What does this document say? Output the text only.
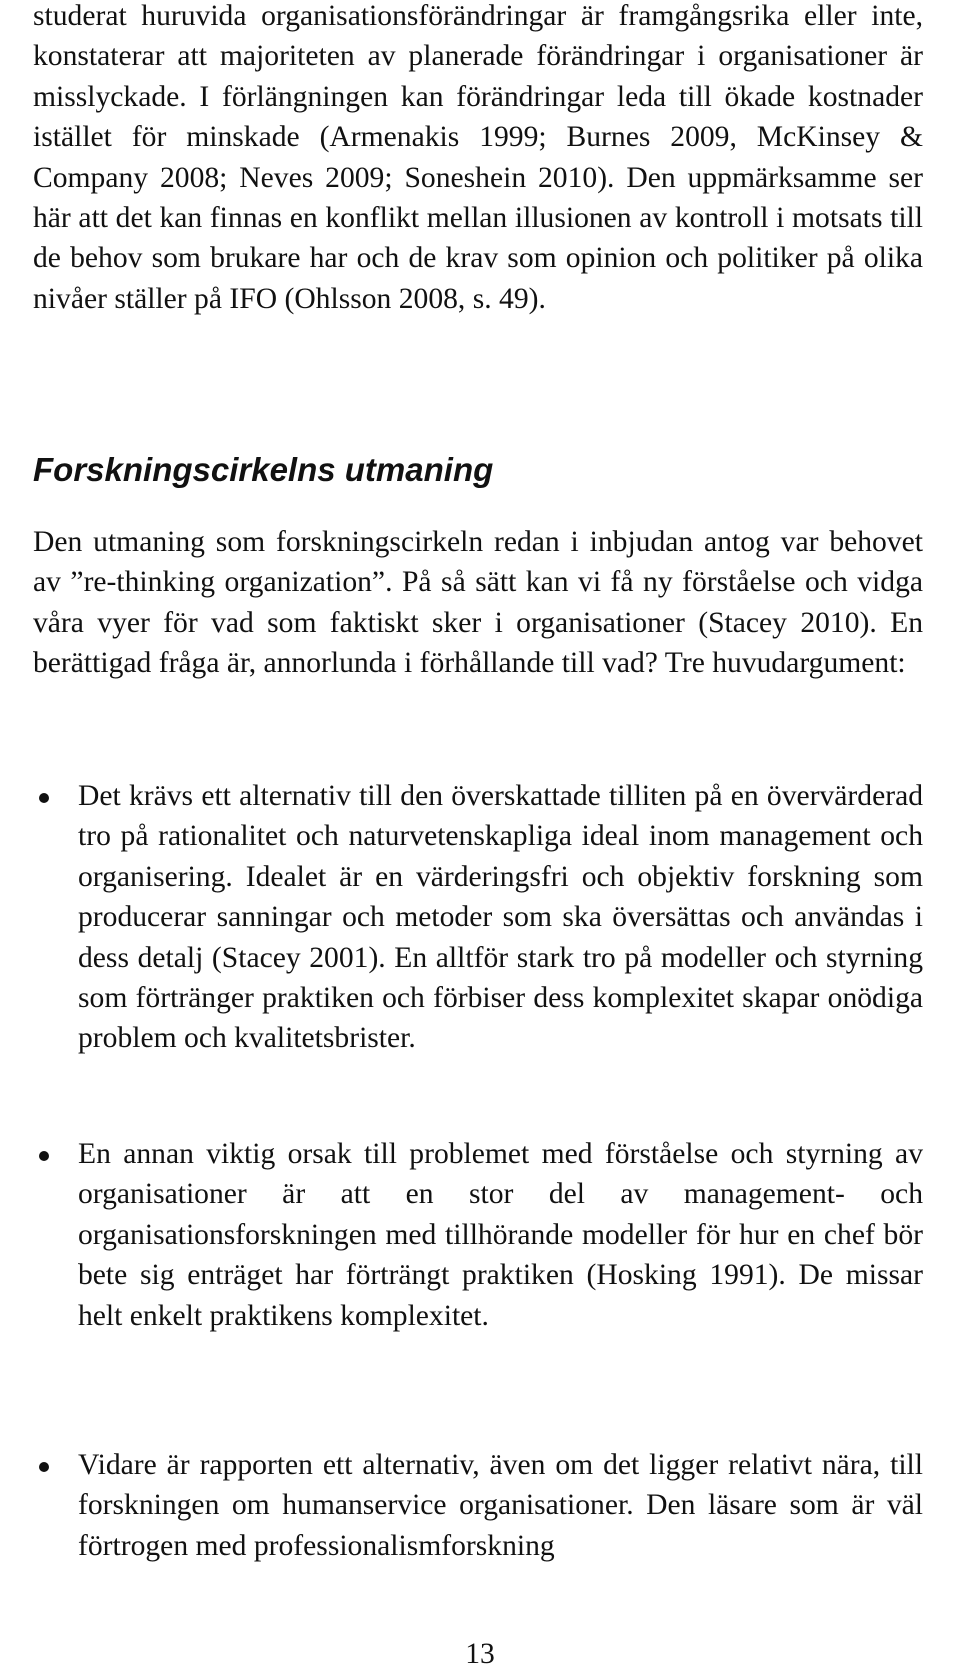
studerat huruvida organisationsförändringar är framgångsrika eller inte, konstaterar att majoriteten av planerade förändringar i organisationer är misslyckade. I förlängningen kan förändringar leda till ökade kostnader istället för minskade (Armenakis 1999; Burnes 2009, McKinsey & Company 2008; Neves 2009; Soneshein 2010). Den uppmärksamme ser här att det kan finnas en konflikt mellan illusionen av kontroll i motsats till de behov som brukare har och de krav som opinion och politiker på olika nivåer ställer på IFO (Ohlsson 2008, s. 49).

Forskningscirkelns utmaning

Den utmaning som forskningscirkeln redan i inbjudan antog var behovet av ”re-thinking organization”. På så sätt kan vi få ny förståelse och vidga våra vyer för vad som faktiskt sker i organisationer (Stacey 2010). En berättigad fråga är, annorlunda i förhållande till vad? Tre huvudargument:

Det krävs ett alternativ till den överskattade tilliten på en övervärderad tro på rationalitet och naturvetenskapliga ideal inom management och organisering. Idealet är en värderingsfri och objektiv forskning som producerar sanningar och metoder som ska översättas och användas i dess detalj (Stacey 2001). En alltför stark tro på modeller och styrning som förtränger praktiken och förbiser dess komplexitet skapar onödiga problem och kvalitetsbrister.

En annan viktig orsak till problemet med förståelse och styrning av organisationer är att en stor del av management- och organisationsforskningen med tillhörande modeller för hur en chef bör bete sig enträget har förträngt praktiken (Hosking 1991). De missar helt enkelt praktikens komplexitet.

Vidare är rapporten ett alternativ, även om det ligger relativt nära, till forskningen om humanservice organisationer. Den läsare som är väl förtrogen med professionalismforskning

13
